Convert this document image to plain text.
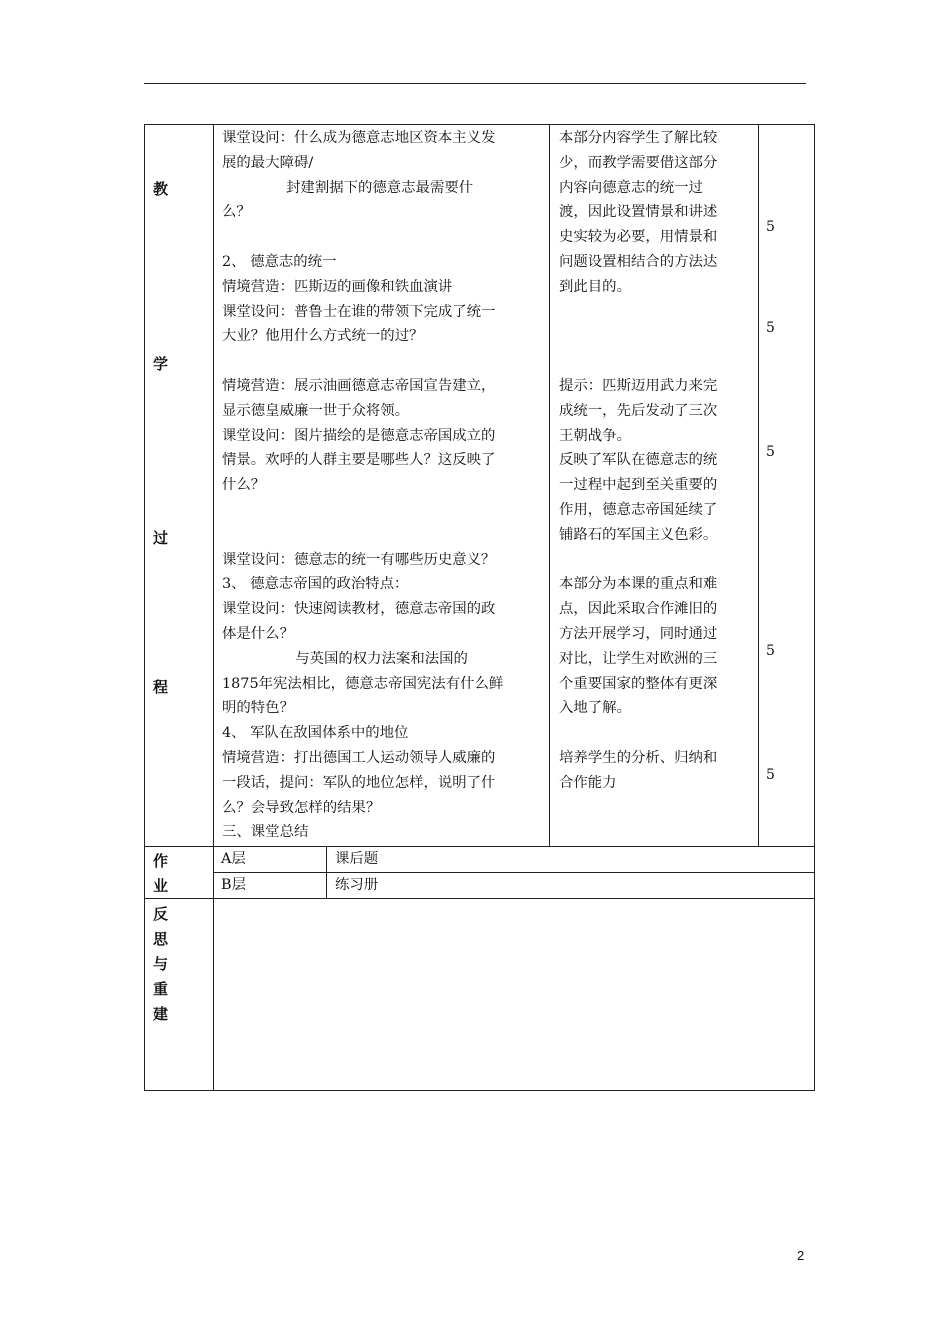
教
学
过
程
课堂设问：什么成为德意志地区资本主义发
展的最大障碍/
封建割据下的德意志最需要什
么？
2、 德意志的统一
情境营造：匹斯迈的画像和铁血演讲
课堂设问：普鲁士在谁的带领下完成了统一
大业？他用什么方式统一的过？
情境营造：展示油画德意志帝国宣告建立，
显示德皇威廉一世于众将领。
课堂设问：图片描绘的是德意志帝国成立的
情景。欢呼的人群主要是哪些人？这反映了
什么？
课堂设问：德意志的统一有哪些历史意义？
3、 德意志帝国的政治特点：
课堂设问：快速阅读教材，德意志帝国的政
体是什么？
与英国的权力法案和法国的
1875年宪法相比，德意志帝国宪法有什么鲜
明的特色？
4、 军队在敌国体系中的地位
情境营造：打出德国工人运动领导人威廉的
一段话，提问：军队的地位怎样，说明了什
么？会导致怎样的结果？
三、课堂总结
本部分内容学生了解比较
少，而教学需要借这部分
内容向德意志的统一过
渡，因此设置情景和讲述
史实较为必要，用情景和
问题设置相结合的方法达
到此目的。
提示：匹斯迈用武力来完
成统一，先后发动了三次
王朝战争。
反映了军队在德意志的统
一过程中起到至关重要的
作用，德意志帝国延续了
铺路石的军国主义色彩。
本部分为本课的重点和难
点，因此采取合作滩旧的
方法开展学习，同时通过
对比，让学生对欧洲的三
个重要国家的整体有更深
入地了解。
培养学生的分析、归纳和
合作能力
5
5
5
5
5
作
业
A层	课后题
B层	练习册
反
思
与
重
建
2
